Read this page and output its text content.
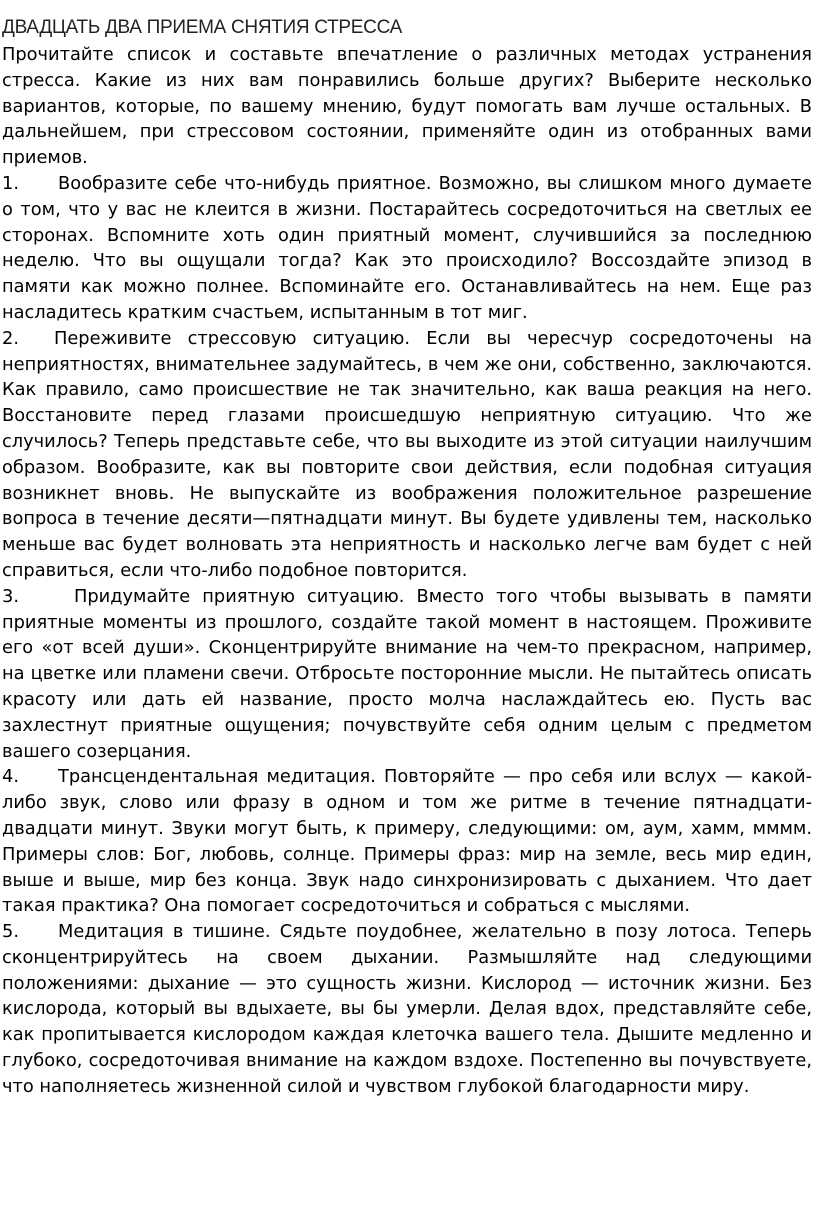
ДВАДЦАТЬ ДВА ПРИЕМА СНЯТИЯ СТРЕССА

Прочитайте список и составьте впечатление о различных методах устранения стресса. Какие из них вам понравились больше других? Выберите несколько вариантов, которые, по вашему мнению, будут помогать вам лучше остальных. В дальнейшем, при стрессовом состоянии, применяйте один из отобранных вами приемов.

1. Вообразите себе что-нибудь приятное. Возможно, вы слишком много думаете о том, что у вас не клеится в жизни. Постарайтесь сосредоточиться на светлых ее сторонах. Вспомните хоть один приятный момент, случившийся за последнюю неделю. Что вы ощущали тогда? Как это происходило? Воссоздайте эпизод в памяти как можно полнее. Вспоминайте его. Останавливайтесь на нем. Еще раз насладитесь кратким счастьем, испытанным в тот миг.

2. Переживите стрессовую ситуацию. Если вы чересчур сосредоточены на неприятностях, внимательнее задумайтесь, в чем же они, собственно, заключаются. Как правило, само происшествие не так значительно, как ваша реакция на него. Восстановите перед глазами происшедшую неприятную ситуацию. Что же случилось? Теперь представьте себе, что вы выходите из этой ситуации наилучшим образом. Вообразите, как вы повторите свои действия, если подобная ситуация возникнет вновь. Не выпускайте из воображения положительное разрешение вопроса в течение десяти—пятнадцати минут. Вы будете удивлены тем, насколько меньше вас будет волновать эта неприятность и насколько легче вам будет с ней справиться, если что-либо подобное повторится.

3.	Придумайте приятную ситуацию. Вместо того чтобы вызывать в памяти приятные моменты из прошлого, создайте такой момент в настоящем. Проживите его «от всей души». Сконцентрируйте внимание на чем-то прекрасном, например, на цветке или пламени свечи. Отбросьте посторонние мысли. Не пытайтесь описать красоту или дать ей название, просто молча наслаждайтесь ею. Пусть вас захлестнут приятные ощущения; почувствуйте себя одним целым с предметом вашего созерцания.

4. Трансцендентальная медитация. Повторяйте — про себя или вслух — какой-либо звук, слово или фразу в одном и том же ритме в течение пятнадцати- двадцати минут. Звуки могут быть, к примеру, следующими: ом, аум, хамм, мммм. Примеры слов: Бог, любовь, солнце. Примеры фраз: мир на земле, весь мир един, выше и выше, мир без конца. Звук надо синхронизировать с дыханием. Что дает такая практика? Она помогает сосредоточиться и собраться с мыслями.

5. Медитация в тишине. Сядьте поудобнее, желательно в позу лотоса. Теперь сконцентрируйтесь на своем дыхании. Размышляйте над следующими положениями: дыхание — это сущность жизни. Кислород — источник жизни. Без кислорода, который вы вдыхаете, вы бы умерли. Делая вдох, представляйте себе, как пропитывается кислородом каждая клеточка вашего тела. Дышите медленно и глубоко, сосредоточивая внимание на каждом вздохе. Постепенно вы почувствуете, что наполняетесь жизненной силой и чувством глубокой благодарности миру.
